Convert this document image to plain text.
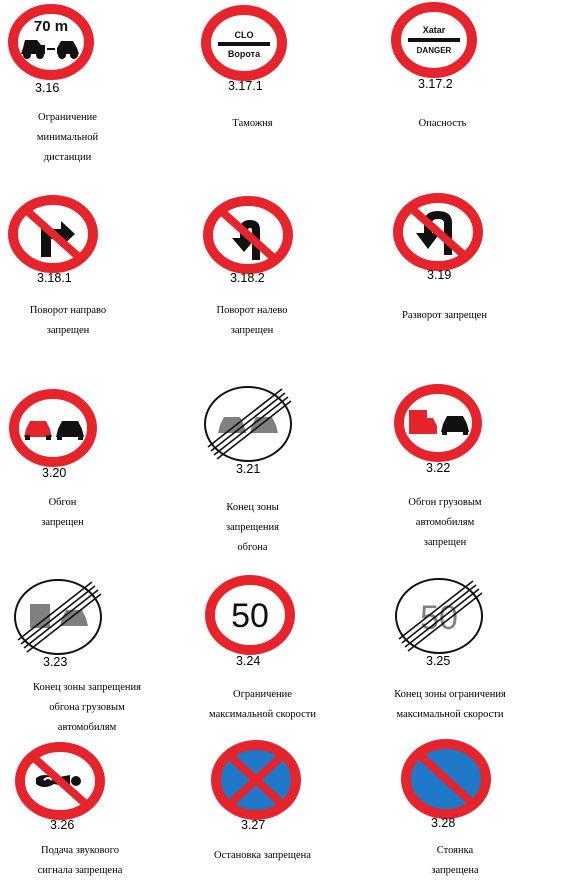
70 m
3.16
Ограничение
минимальной
дистанции
CLO
Ворота
3.17.1
Таможня
Xatar
DANGER
3.17.2
Опасность
3.18.1
Поворот направо
запрещен
3.18.2
Поворот налево
запрещен
3.19
Разворот запрещен
3.20
Обгон
запрещен
3.21
Конец зоны
запрещения
обгона
3.22
Обгон грузовым
автомобилям
запрещен
3.23
Конец зоны запрещения
обгона грузовым
автомобилям
50
3.24
Ограничение
максимальной скорости
50
3.25
Конец зоны ограничения
максимальной скорости
3.26
Подача звукового
сигнала запрещена
3.27
Остановка запрещена
3.28
Стоянка
запрещена
